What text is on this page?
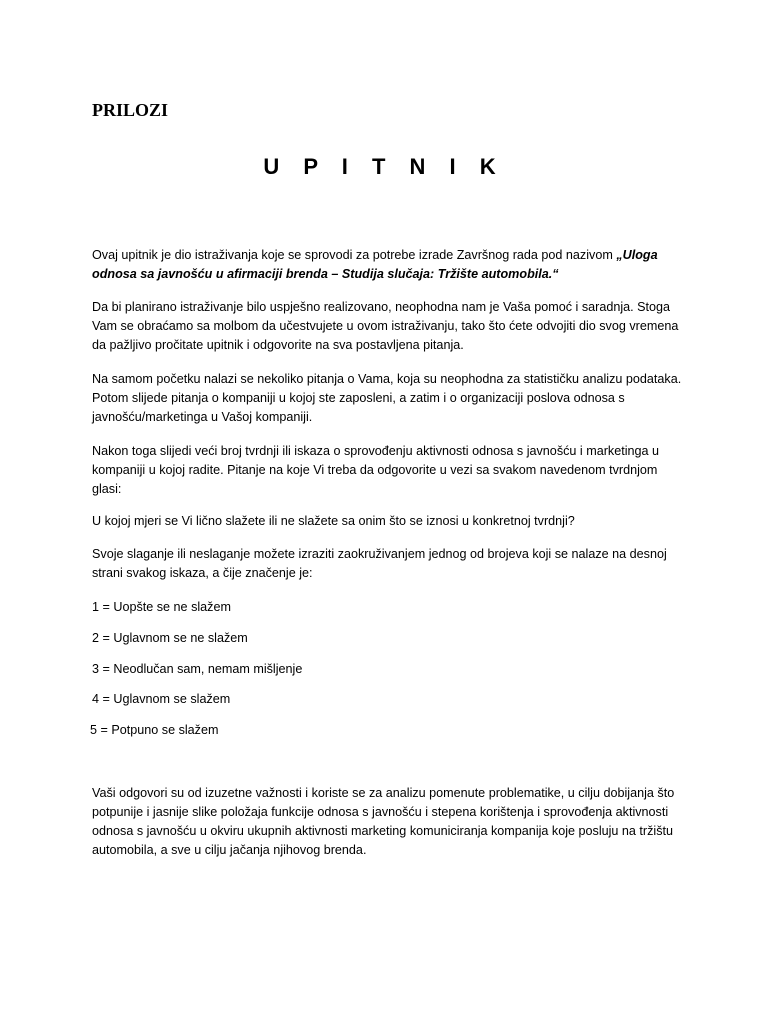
PRILOZI
U P I T N I K

Ovaj upitnik je dio istraživanja koje se sprovodi za potrebe izrade Završnog rada pod nazivom „Uloga odnosa sa javnošću u afirmaciji brenda – Studija slučaja: Tržište automobila.“

Da bi planirano istraživanje bilo uspješno realizovano, neophodna nam je Vaša pomoć i saradnja. Stoga Vam se obraćamo sa molbom da učestvujete u ovom istraživanju, tako što ćete odvojiti dio svog vremena da pažljivo pročitate upitnik i odgovorite na sva postavljena pitanja.

Na samom početku nalazi se nekoliko pitanja o Vama, koja su neophodna za statističku analizu podataka. Potom slijede pitanja o kompaniji u kojoj ste zaposleni, a zatim i o organizaciji poslova odnosa s javnošću/marketinga u Vašoj kompaniji.

Nakon toga slijedi veći broj tvrdnji ili iskaza o sprovođenju aktivnosti odnosa s javnošću i marketinga u kompaniji u kojoj radite. Pitanje na koje Vi treba da odgovorite u vezi sa svakom navedenom tvrdnjom glasi:

U kojoj mjeri se Vi lično slažete ili ne slažete sa onim što se iznosi u konkretnoj tvrdnji?

Svoje slaganje ili neslaganje možete izraziti zaokruživanjem jednog od brojeva koji se nalaze na desnoj strani svakog iskaza, a čije značenje je:

1 = Uopšte se ne slažem
2 = Uglavnom se ne slažem
3 = Neodlučan sam, nemam mišljenje
4 = Uglavnom se slažem
5 = Potpuno se slažem

Vaši odgovori su od izuzetne važnosti i koriste se za analizu pomenute problematike, u cilju dobijanja što potpunije i jasnije slike položaja funkcije odnosa s javnošću i stepena korištenja i sprovođenja aktivnosti odnosa s javnošću u okviru ukupnih aktivnosti marketing komuniciranja kompanija koje posluju na tržištu automobila, a sve u cilju jačanja njihovog brenda.
